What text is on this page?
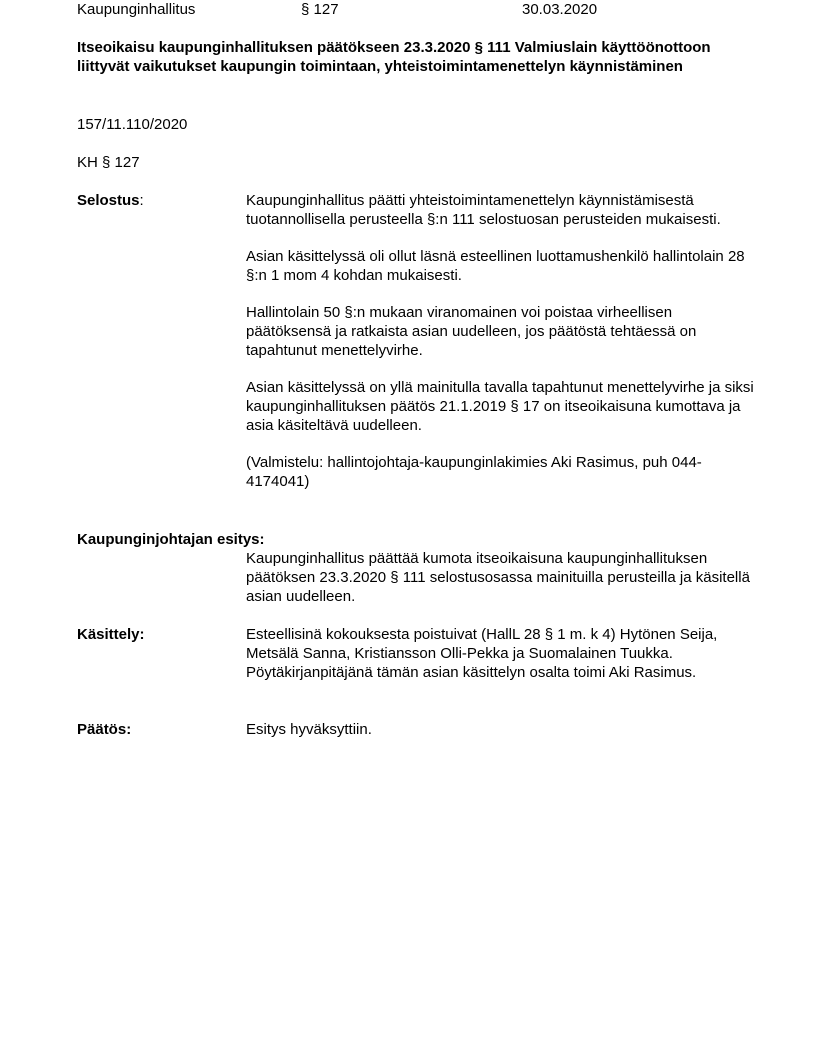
Kaupunginhallitus	§ 127	30.03.2020
Itseoikaisu kaupunginhallituksen päätökseen 23.3.2020 § 111 Valmiuslain käyttöönottoon liittyvät vaikutukset kaupungin toimintaan, yhteistoimintamenettelyn käynnistäminen
157/11.110/2020
KH § 127
Selostus:	Kaupunginhallitus päätti yhteistoimintamenettelyn käynnistämisestä tuotannollisella perusteella §:n 111 selostuosan perusteiden mukaisesti.

Asian käsittelyssä oli ollut läsnä esteellinen luottamushenkilö hallintolain 28 §:n 1 mom 4 kohdan mukaisesti.

Hallintolain 50 §:n mukaan viranomainen voi poistaa virheellisen päätöksensä ja ratkaista asian uudelleen, jos päätöstä tehtäessä on tapahtunut menettelyvirhe.

Asian käsittelyssä on yllä mainitulla tavalla tapahtunut menettelyvirhe ja siksi kaupunginhallituksen päätös 21.1.2019 § 17 on itseoikaisuna kumottava ja asia käsiteltävä uudelleen.

(Valmistelu: hallintojohtaja-kaupunginlakimies Aki Rasimus, puh 044-4174041)

Kaupunginjohtajan esitys:
Kaupunginhallitus päättää kumota itseoikaisuna kaupunginhallituksen päätöksen 23.3.2020 § 111 selostusosassa mainituilla perusteilla ja käsitellä asian uudelleen.
Käsittely:	Esteellisinä kokouksesta poistuivat (HallL 28 § 1 m. k 4) Hytönen Seija, Metsälä Sanna, Kristiansson Olli-Pekka ja Suomalainen Tuukka.
Pöytäkirjanpitäjänä tämän asian käsittelyn osalta toimi Aki Rasimus.
Päätös:	Esitys hyväksyttiin.
